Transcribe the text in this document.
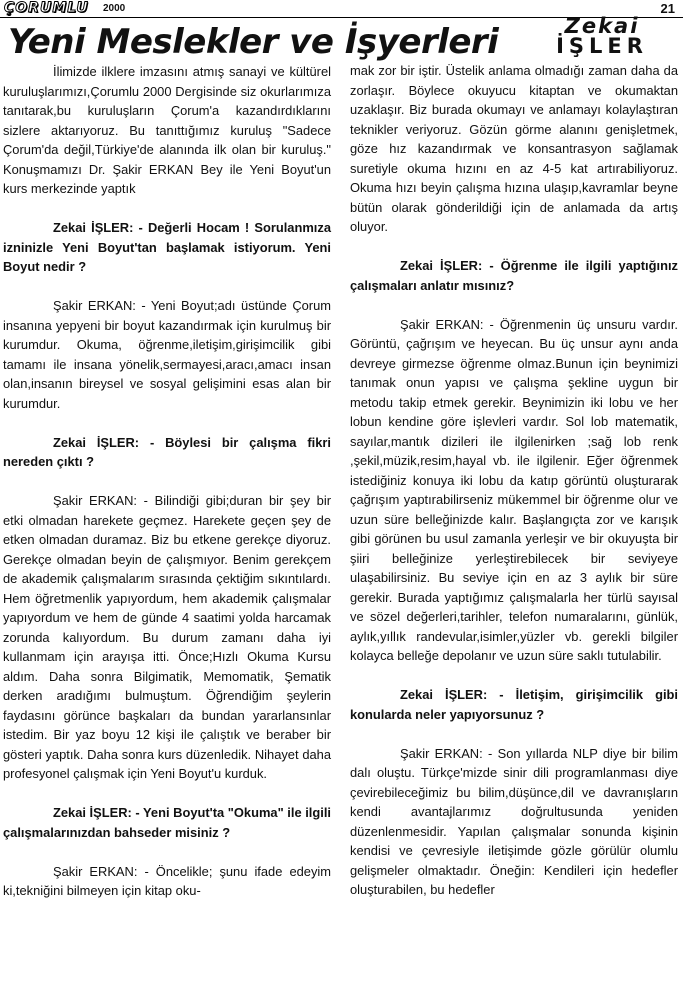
ÇORUMLU 2000	21
Yeni Meslekler ve İşyerleri	Zekai
İŞLER

İlimizde ilklere imzasını atmış sanayi ve kültürel kuruluşlarımızı,Çorumlu 2000 Dergisinde siz okurlarımıza tanıtarak,bu kuruluşların Çorum'a kazandırdıklarını sizlere aktarıyoruz. Bu tanıttığımız kuruluş "Sadece Çorum'da değil,Türkiye'de alanında ilk olan bir kuruluş." Konuşmamızı Dr. Şakir ERKAN Bey ile Yeni Boyut'un kurs merkezinde yaptık

Zekai İŞLER: - Değerli Hocam ! Sorulanmıza izninizle Yeni Boyut'tan başlamak istiyorum. Yeni Boyut nedir ?

Şakir ERKAN: - Yeni Boyut;adı üstünde Çorum insanına yepyeni bir boyut kazandırmak için kurulmuş bir kurumdur. Okuma, öğrenme,iletişim,girişimcilik gibi tamamı ile insana yönelik,sermayesi,aracı,amacı insan olan,insanın bireysel ve sosyal gelişimini esas alan bir kurumdur.

Zekai İŞLER: - Böylesi bir çalışma fikri nereden çıktı ?

Şakir ERKAN: - Bilindiği gibi;duran bir şey bir etki olmadan harekete geçmez. Harekete geçen şey de etken olmadan duramaz. Biz bu etkene gerekçe diyoruz. Gerekçe olmadan beyin de çalışmıyor. Benim gerekçem de akademik çalışmalarım sırasında çektiğim sıkıntılardı. Hem öğretmenlik yapıyordum, hem akademik çalışmalar yapıyordum ve hem de günde 4 saatimi yolda harcamak zorunda kalıyordum. Bu durum zamanı daha iyi kullanmam için arayışa itti. Önce;Hızlı Okuma Kursu aldım. Daha sonra Bilgimatik, Memomatik, Şematik derken aradığımı bulmuştum. Öğrendiğim şeylerin faydasını görünce başkaları da bundan yararlansınlar istedim. Bir yaz boyu 12 kişi ile çalıştık ve beraber bir gösteri yaptık. Daha sonra kurs düzenledik. Nihayet daha profesyonel çalışmak için Yeni Boyut'u kurduk.

Zekai İŞLER: - Yeni Boyut'ta "Okuma" ile ilgili çalışmalarınızdan bahseder misiniz ?

Şakir ERKAN: - Öncelikle; şunu ifade edeyim ki,tekniğini bilmeyen için kitap oku-

mak zor bir iştir. Üstelik anlama olmadığı zaman daha da zorlaşır. Böylece okuyucu kitaptan ve okumaktan uzaklaşır. Biz burada okumayı ve anlamayı kolaylaştıran teknikler veriyoruz. Gözün görme alanını genişletmek, göze hız kazandırmak ve konsantrasyon sağlamak suretiyle okuma hızını en az 4-5 kat artırabiliyoruz. Okuma hızı beyin çalışma hızına ulaşıp,kavramlar beyne bütün olarak gönderildiği için de anlamada da artış oluyor.

Zekai İŞLER: - Öğrenme ile ilgili yaptığınız çalışmaları anlatır mısınız?

Şakir ERKAN: - Öğrenmenin üç unsuru vardır. Görüntü, çağrışım ve heyecan. Bu üç unsur aynı anda devreye girmezse öğrenme olmaz.Bunun için beynimizi tanımak onun yapısı ve çalışma şekline uygun bir metodu takip etmek gerekir. Beynimizin iki lobu ve her lobun kendine göre işlevleri vardır. Sol lob matematik, sayılar,mantık dizileri ile ilgilenirken ;sağ lob renk ,şekil,müzik,resim,hayal vb. ile ilgilenir. Eğer öğrenmek istediğiniz konuya iki lobu da katıp görüntü oluşturarak çağrışım yaptırabilirseniz mükemmel bir öğrenme olur ve uzun süre belleğinizde kalır. Başlangıçta zor ve karışık gibi görünen bu usul zamanla yerleşir ve bir okuyuşta bir şiiri belleğinize yerleştirebilecek bir seviyeye ulaşabilirsiniz. Bu seviye için en az 3 aylık bir süre gerekir. Burada yaptığımız çalışmalarla her türlü sayısal ve sözel değerleri,tarihler, telefon numaralarını, günlük, aylık,yıllık randevular,isimler,yüzler vb. gerekli bilgiler kolayca belleğe depolanır ve uzun süre saklı tutulabilir.

Zekai İŞLER: - İletişim, girişimcilik gibi konularda neler yapıyorsunuz ?

Şakir ERKAN: - Son yıllarda NLP diye bir bilim dalı oluştu. Türkçe'mizde sinir dili programlanması diye çevirebileceğimiz bu bilim,düşünce,dil ve davranışların kendi avantajlarımız doğrultusunda yeniden düzenlenmesidir. Yapılan çalışmalar sonunda kişinin kendisi ve çevresiyle iletişimde gözle görülür olumlu gelişmeler olmaktadır. Öneğin: Kendileri için hedefler oluşturabilen, bu hedefler
